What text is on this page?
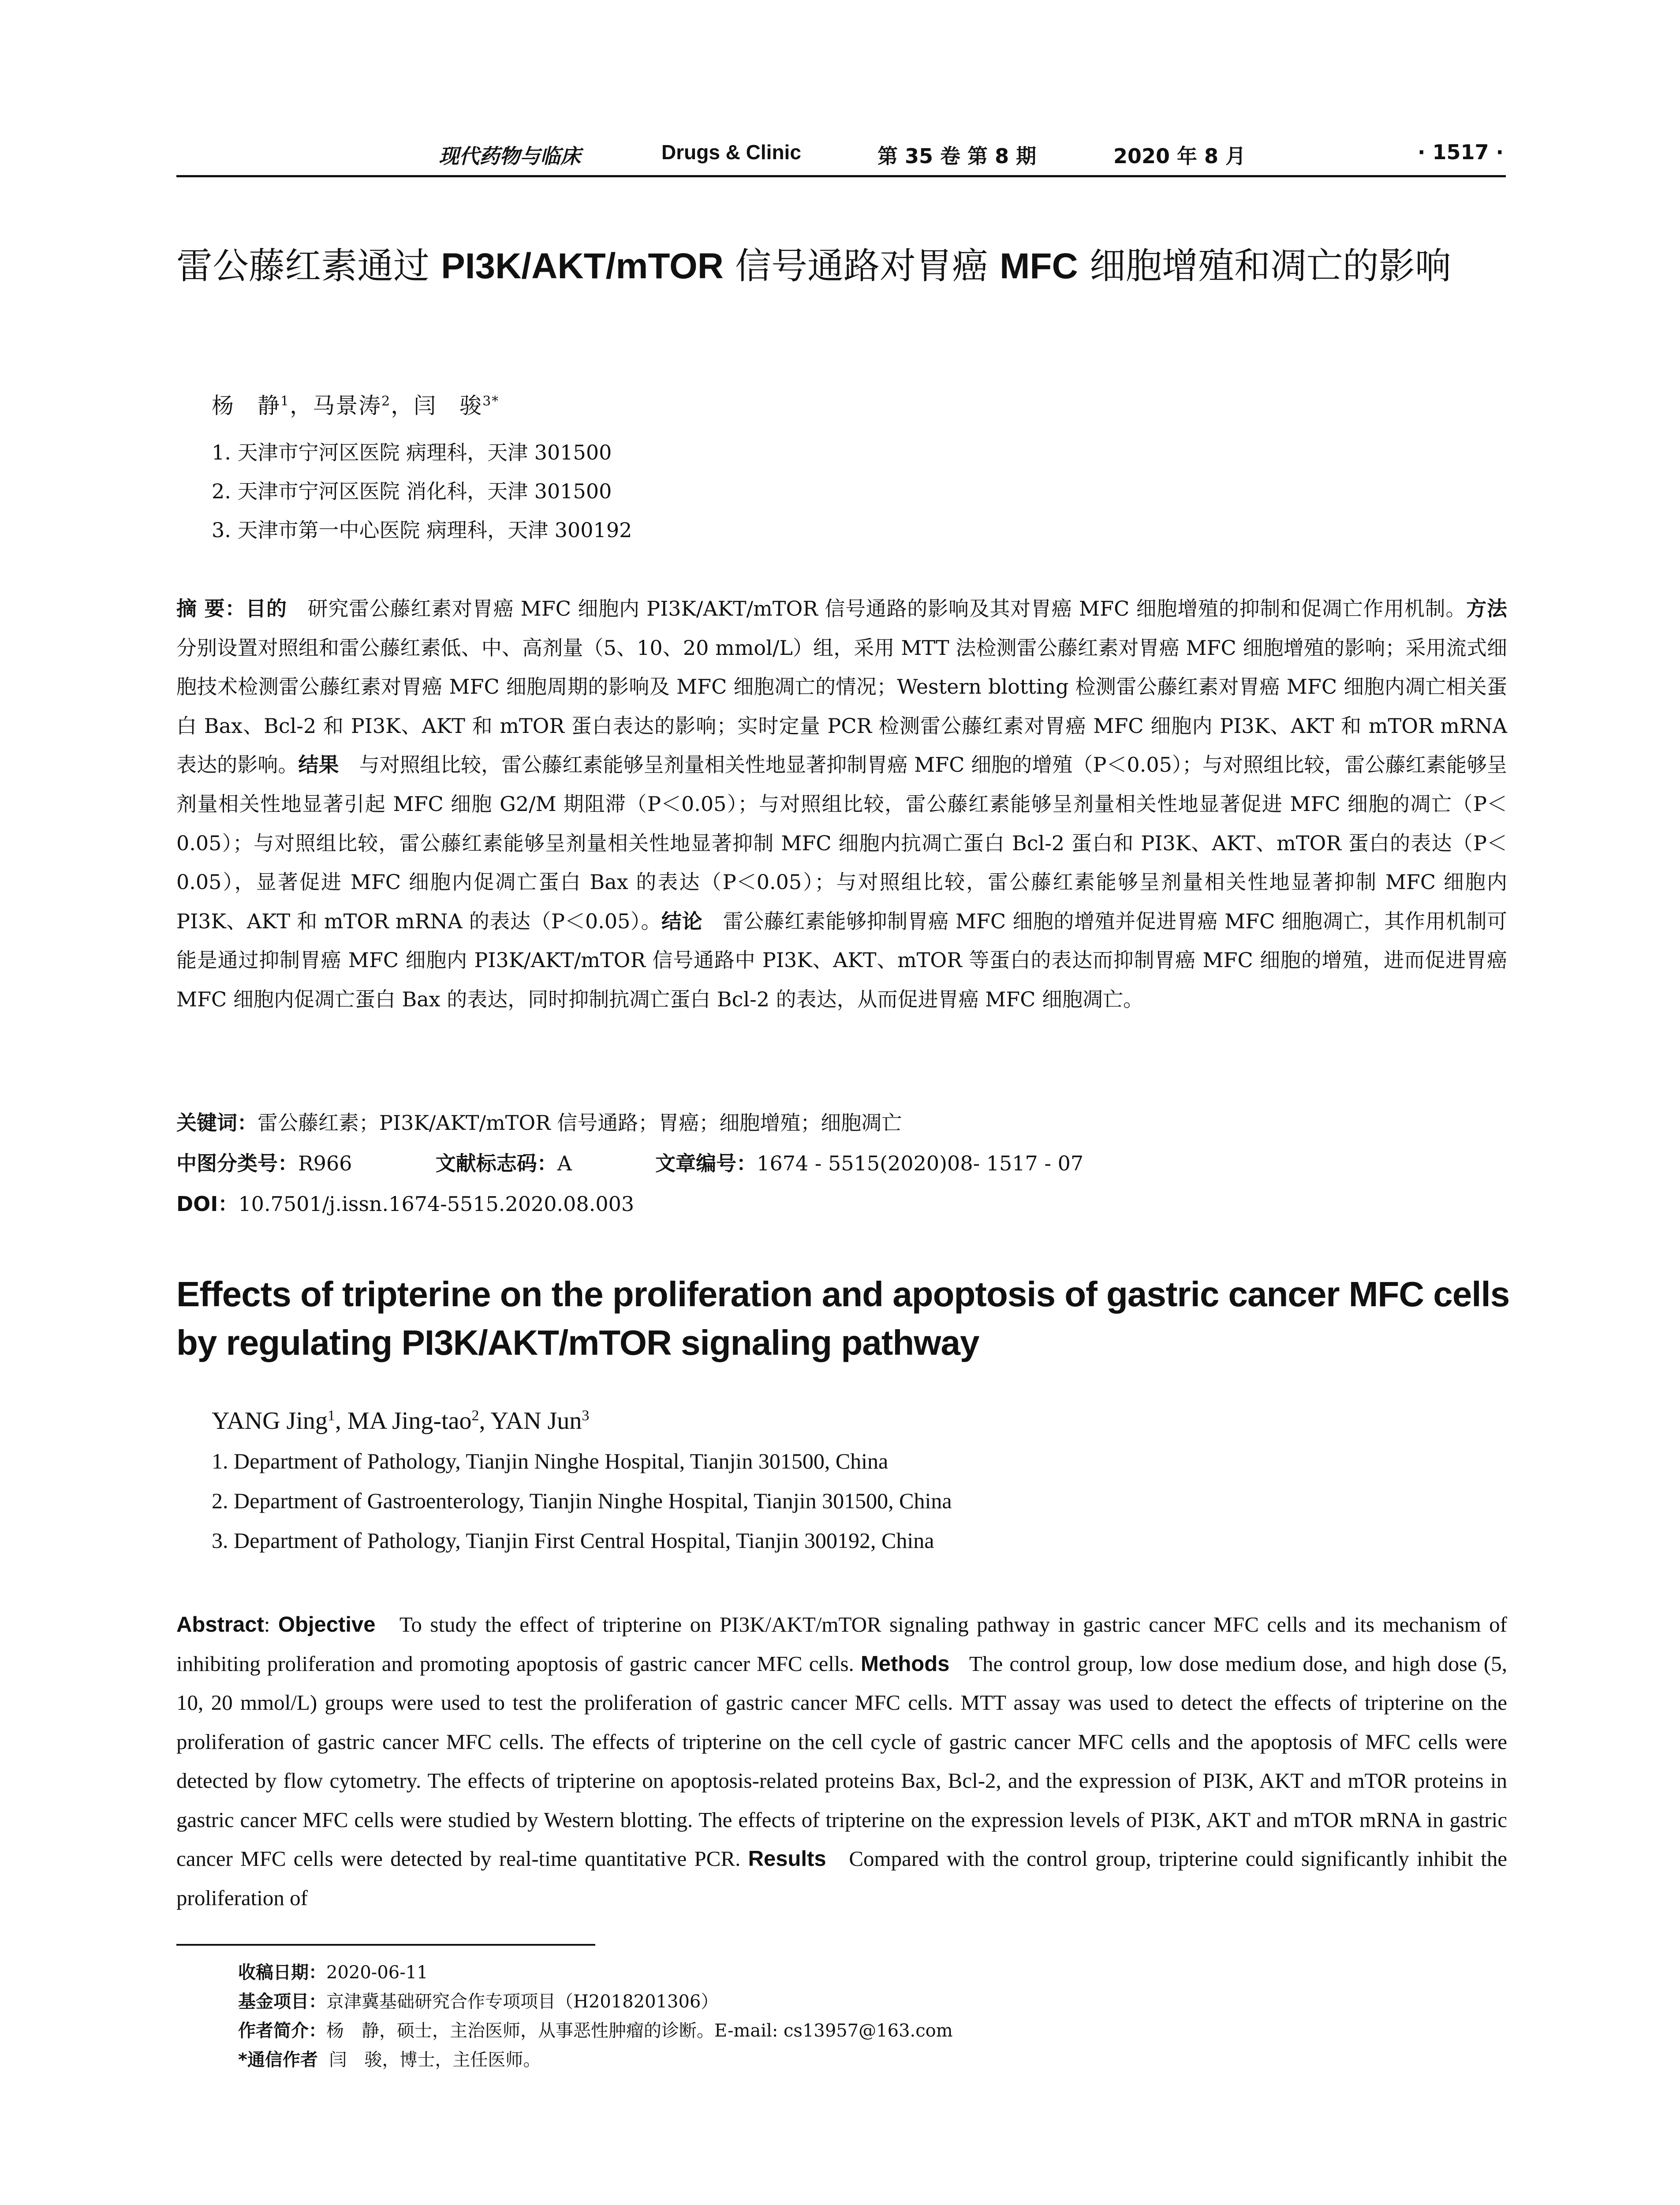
现代药物与临床	Drugs & Clinic	第 35 卷 第 8 期	2020 年 8 月	· 1517 ·
雷公藤红素通过 PI3K/AKT/mTOR 信号通路对胃癌 MFC 细胞增殖和凋亡的影响
杨　静$^1$，马景涛$^2$，闫　骏$^{3*}$
1. 天津市宁河区医院 病理科，天津 301500
2. 天津市宁河区医院 消化科，天津 301500
3. 天津市第一中心医院 病理科，天津 300192
摘 要：目的　 研究雷公藤红素对胃癌 MFC 细胞内 PI3K/AKT/mTOR 信号通路的影响及其对胃癌 MFC 细胞增殖的抑制和促凋亡作用机制。方法　分别设置对照组和雷公藤红素低、中、高剂量（5、10、20 mmol/L）组，采用 MTT 法检测雷公藤红素对胃癌 MFC 细胞增殖的影响；采用流式细胞技术检测雷公藤红素对胃癌 MFC 细胞周期的影响及 MFC 细胞凋亡的情况；Western blotting 检测雷公藤红素对胃癌 MFC 细胞内凋亡相关蛋白 Bax、Bcl-2 和 PI3K、AKT 和 mTOR 蛋白表达的影响；实时定量 PCR 检测雷公藤红素对胃癌 MFC 细胞内 PI3K、AKT 和 mTOR mRNA 表达的影响。结果　 与对照组比较，雷公藤红素能够呈剂量相关性地显著抑制胃癌 MFC 细胞的增殖（P＜0.05）；与对照组比较，雷公藤红素能够呈剂量相关性地显著引起 MFC 细胞 G2/M 期阻滞（P＜0.05）；与对照组比较，雷公藤红素能够呈剂量相关性地显著促进 MFC 细胞的凋亡（P＜0.05）；与对照组比较，雷公藤红素能够呈剂量相关性地显著抑制 MFC 细胞内抗凋亡蛋白 Bcl-2 蛋白和 PI3K、AKT、mTOR 蛋白的表达（P＜0.05），显著促进 MFC 细胞内促凋亡蛋白 Bax 的表达（P＜0.05）；与对照组比较，雷公藤红素能够呈剂量相关性地显著抑制 MFC 细胞内 PI3K、AKT 和 mTOR mRNA 的表达（P＜0.05）。结论　 雷公藤红素能够抑制胃癌 MFC 细胞的增殖并促进胃癌 MFC 细胞凋亡，其作用机制可能是通过抑制胃癌 MFC 细胞内 PI3K/AKT/mTOR 信号通路中 PI3K、AKT、mTOR 等蛋白的表达而抑制胃癌 MFC 细胞的增殖，进而促进胃癌 MFC 细胞内促凋亡蛋白 Bax 的表达，同时抑制抗凋亡蛋白 Bcl-2 的表达，从而促进胃癌 MFC 细胞凋亡。
关键词：雷公藤红素；PI3K/AKT/mTOR 信号通路；胃癌；细胞增殖；细胞凋亡
中图分类号：R966	文献标志码：A	文章编号：1674 - 5515(2020)08- 1517 - 07
DOI：10.7501/j.issn.1674-5515.2020.08.003
Effects of tripterine on the proliferation and apoptosis of gastric cancer MFC cells by regulating PI3K/AKT/mTOR signaling pathway
YANG Jing$^1$, MA Jing-tao$^2$, YAN Jun$^3$
1. Department of Pathology, Tianjin Ninghe Hospital, Tianjin 301500, China
2. Department of Gastroenterology, Tianjin Ninghe Hospital, Tianjin 301500, China
3. Department of Pathology, Tianjin First Central Hospital, Tianjin 300192, China
Abstract: Objective To study the effect of tripterine on PI3K/AKT/mTOR signaling pathway in gastric cancer MFC cells and its mechanism of inhibiting proliferation and promoting apoptosis of gastric cancer MFC cells. Methods The control group, low dose medium dose, and high dose (5, 10, 20 mmol/L) groups were used to test the proliferation of gastric cancer MFC cells. MTT assay was used to detect the effects of tripterine on the proliferation of gastric cancer MFC cells. The effects of tripterine on the cell cycle of gastric cancer MFC cells and the apoptosis of MFC cells were detected by flow cytometry. The effects of tripterine on apoptosis-related proteins Bax, Bcl-2, and the expression of PI3K, AKT and mTOR proteins in gastric cancer MFC cells were studied by Western blotting. The effects of tripterine on the expression levels of PI3K, AKT and mTOR mRNA in gastric cancer MFC cells were detected by real-time quantitative PCR. Results Compared with the control group, tripterine could significantly inhibit the proliferation of
收稿日期：2020-06-11
基金项目：京津冀基础研究合作专项项目（H2018201306）
作者简介：杨　静，硕士，主治医师，从事恶性肿瘤的诊断。E-mail: cs13957@163.com
*通信作者 闫　骏，博士，主任医师。
